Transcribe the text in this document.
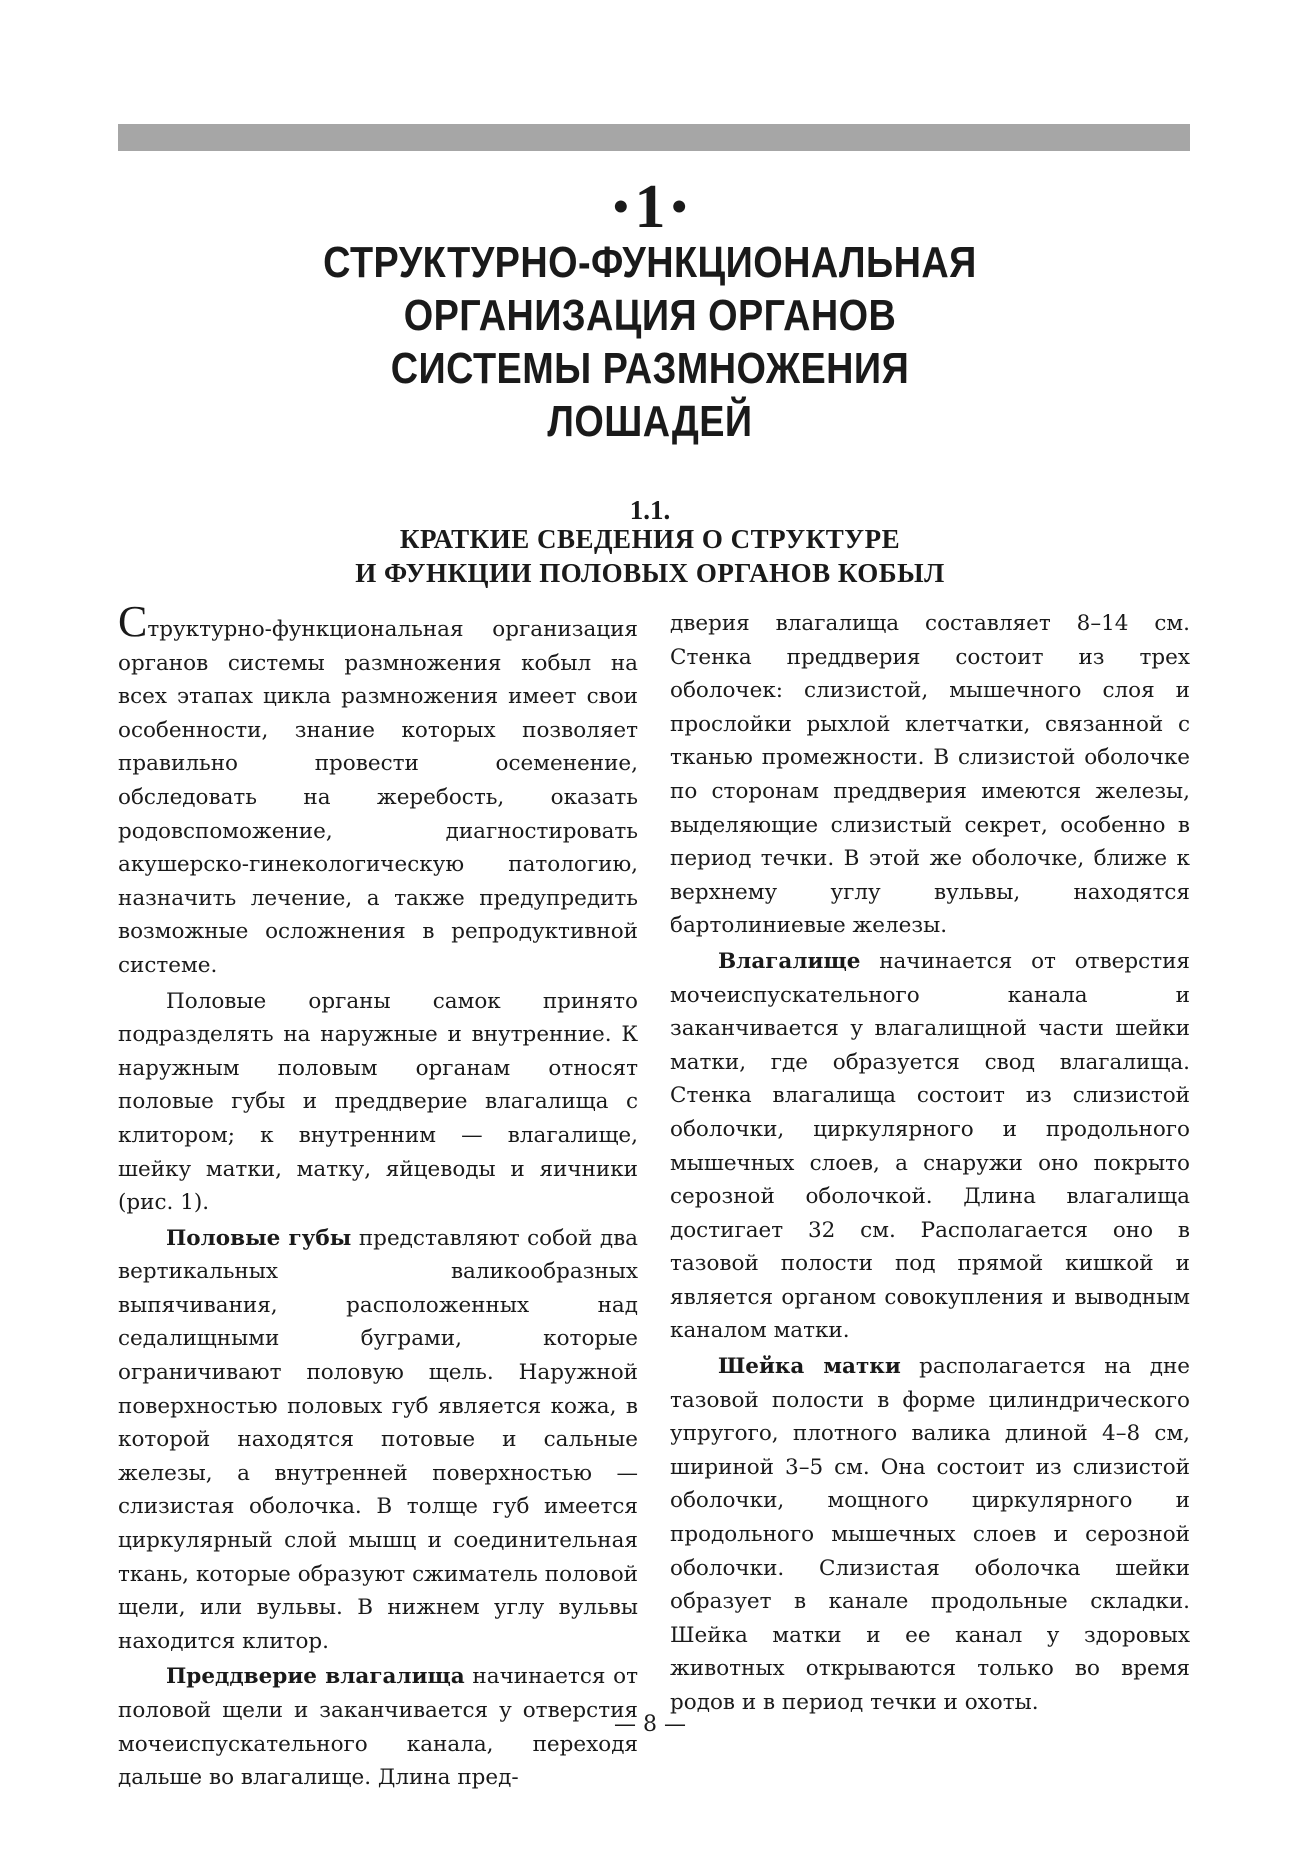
•1 •
СТРУКТУРНО-ФУНКЦИОНАЛЬНАЯ
ОРГАНИЗАЦИЯ ОРГАНОВ
СИСТЕМЫ РАЗМНОЖЕНИЯ
ЛОШАДЕЙ
1.1.
КРАТКИЕ СВЕДЕНИЯ О СТРУКТУРЕ
И ФУНКЦИИ ПОЛОВЫХ ОРГАНОВ КОБЫЛ

Структурно-функциональная организация органов системы размножения кобыл на всех этапах цикла размножения имеет свои особенности, знание которых позволяет правильно провести осеменение, обследовать на жеребость, оказать родовспоможение, диагностировать акушерско-гинекологическую патологию, назначить лечение, а также предупредить возможные осложнения в репродуктивной системе.

Половые органы самок принято подразделять на наружные и внутренние. К наружным половым органам относят половые губы и преддверие влагалища с клитором; к внутренним — влагалище, шейку матки, матку, яйцеводы и яичники (рис. 1).

Половые губы представляют собой два вертикальных валикообразных выпячивания, расположенных над седалищными буграми, которые ограничивают половую щель. Наружной поверхностью половых губ является кожа, в которой находятся потовые и сальные железы, а внутренней поверхностью — слизистая оболочка. В толще губ имеется циркулярный слой мышц и соединительная ткань, которые образуют сжиматель половой щели, или вульвы. В нижнем углу вульвы находится клитор.

Преддверие влагалища начинается от половой щели и заканчивается у отверстия мочеиспускательного канала, переходя дальше во влагалище. Длина пред-

дверия влагалища составляет 8–14 см. Стенка преддверия состоит из трех оболочек: слизистой, мышечного слоя и прослойки рыхлой клетчатки, связанной с тканью промежности. В слизистой оболочке по сторонам преддверия имеются железы, выделяющие слизистый секрет, особенно в период течки. В этой же оболочке, ближе к верхнему углу вульвы, находятся бартолиниевые железы.

Влагалище начинается от отверстия мочеиспускательного канала и заканчивается у влагалищной части шейки матки, где образуется свод влагалища. Стенка влагалища состоит из слизистой оболочки, циркулярного и продольного мышечных слоев, а снаружи оно покрыто серозной оболочкой. Длина влагалища достигает 32 см. Располагается оно в тазовой полости под прямой кишкой и является органом совокупления и выводным каналом матки.

Шейка матки располагается на дне тазовой полости в форме цилиндрического упругого, плотного валика длиной 4–8 см, шириной 3–5 см. Она состоит из слизистой оболочки, мощного циркулярного и продольного мышечных слоев и серозной оболочки. Слизистая оболочка шейки образует в канале продольные складки. Шейка матки и ее канал у здоровых животных открываются только во время родов и в период течки и охоты.

— 8 —
